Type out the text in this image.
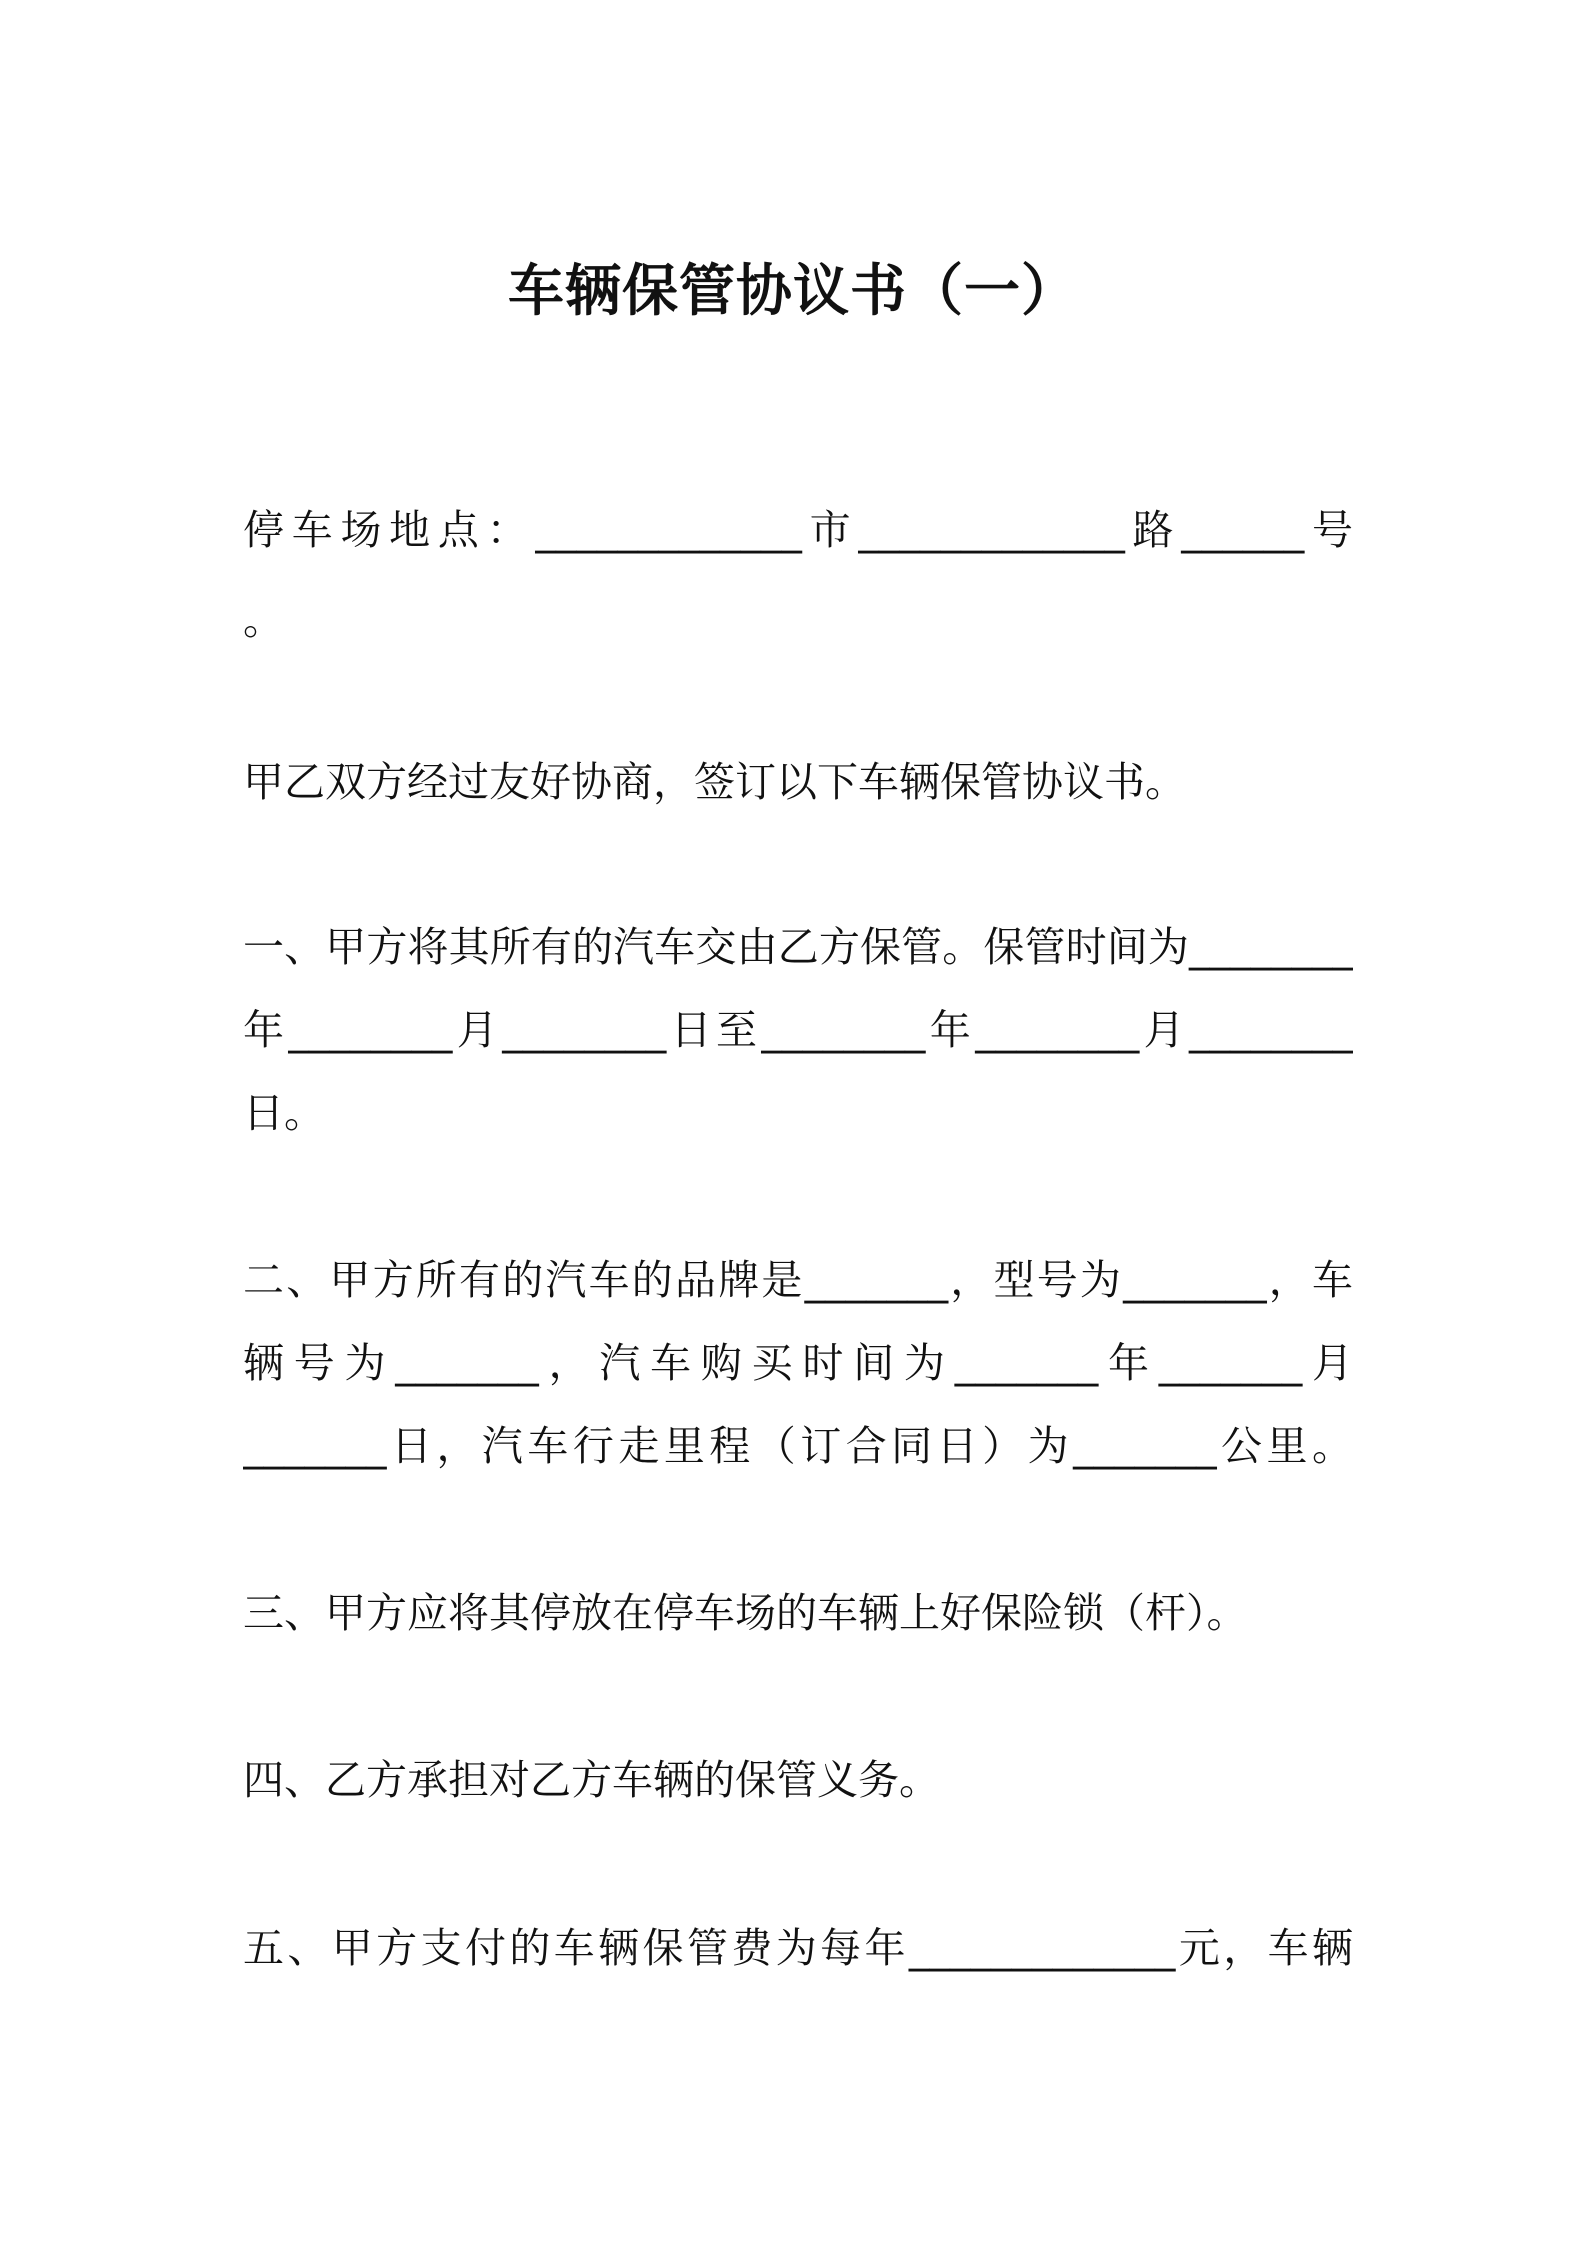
车辆保管协议书（一）
停车场地点：_____________市_____________路______号
。
甲乙双方经过友好协商，签订以下车辆保管协议书。
一、甲方将其所有的汽车交由乙方保管。保管时间为________
年________月________日至________年________月________
日。
二、甲方所有的汽车的品牌是_______，型号为_______，车
辆号为_______，汽车购买时间为_______年_______月
_______日，汽车行走里程（订合同日）为_______公里。
三、甲方应将其停放在停车场的车辆上好保险锁（杆）。
四、乙方承担对乙方车辆的保管义务。
五、甲方支付的车辆保管费为每年_____________元，车辆
